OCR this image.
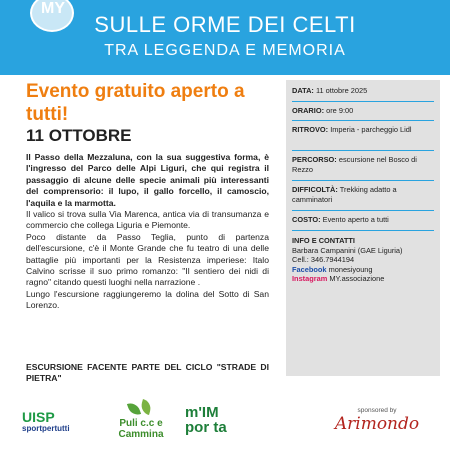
MY
SULLE ORME DEI CELTI
TRA LEGGENDA E MEMORIA
Evento gratuito aperto a tutti!
11 OTTOBRE

Il Passo della Mezzaluna, con la sua suggestiva forma, è l'ingresso del Parco delle Alpi Liguri, che qui registra il passaggio di alcune delle specie animali più interessanti del comprensorio: il lupo, il gallo forcello, il camoscio, l'aquila e la marmotta.

Il valico si trova sulla Via Marenca, antica via di transumanza e commercio che collega Liguria e Piemonte.

Poco distante da Passo Teglia, punto di partenza dell'escursione, c'è il Monte Grande che fu teatro di una delle battaglie più importanti per la Resistenza imperiese: Italo Calvino scrisse il suo primo romanzo: "Il sentiero dei nidi di ragno" citando questi luoghi nella narrazione .

Lungo l'escursione raggiungeremo la dolina del Sotto di San Lorenzo.

ESCURSIONE FACENTE PARTE DEL CICLO "STRADE DI PIETRA"
DATA: 11 ottobre 2025
ORARIO: ore 9:00
RITROVO: Imperia - parcheggio Lidl
PERCORSO: escursione nel Bosco di Rezzo
DIFFICOLTÀ: Trekking adatto a camminatori
COSTO: Evento aperto a tutti
INFO E CONTATTI
Barbara Campanini (GAE Liguria)
Cell.: 346.7944194
Facebook monesiyoung
Instagram MY.associazione
UISP
sportpertutti	Puli c.c e
Cammina
m'IM
por ta
sponsored by
Arimondo
